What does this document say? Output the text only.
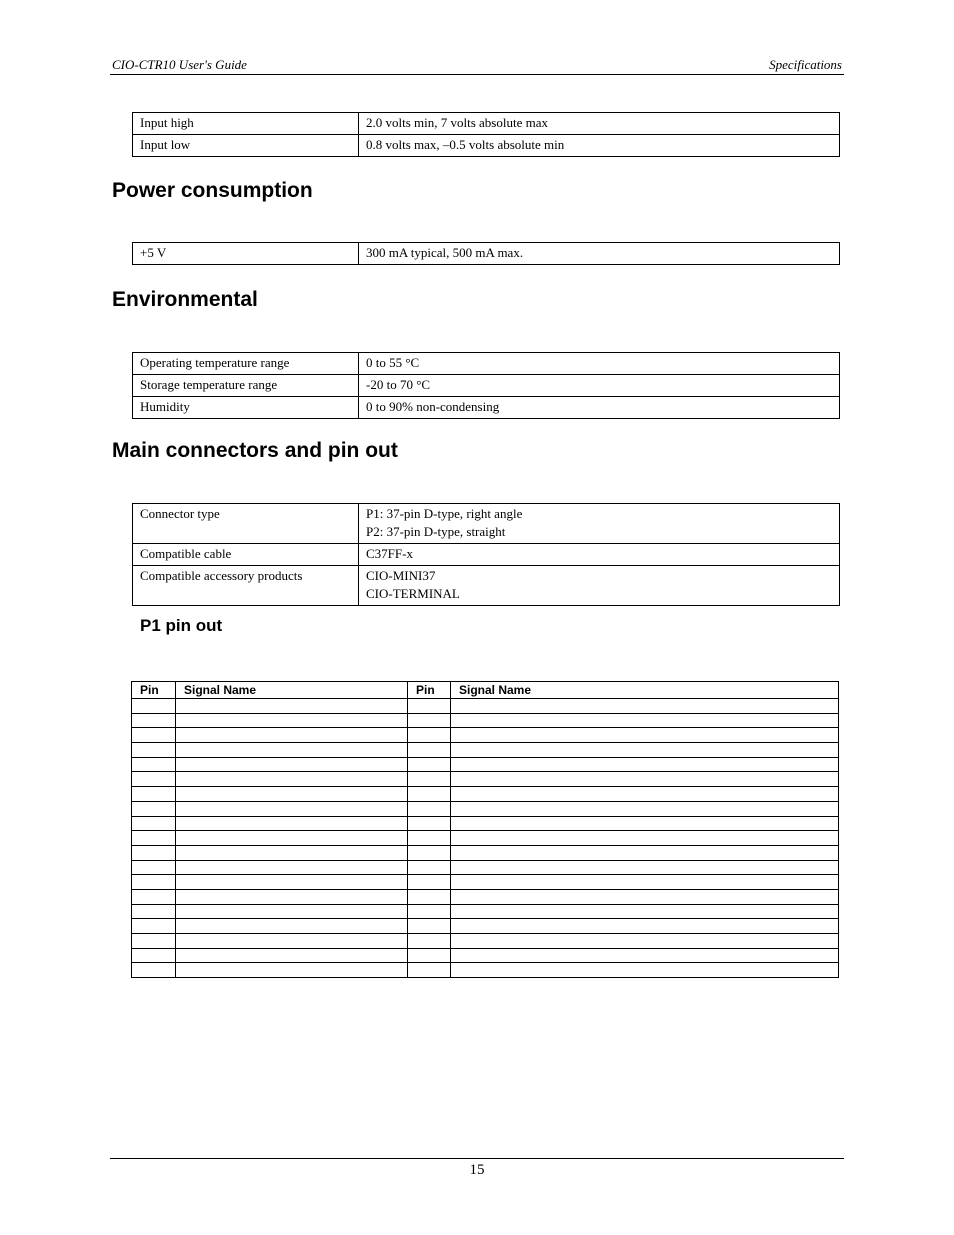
CIO-CTR10 User's Guide	Specifications
Input high	2.0 volts min, 7 volts absolute max
Input low	0.8 volts max, –0.5 volts absolute min
Power consumption
+5 V	300 mA typical, 500 mA max.
Environmental
Operating temperature range	0 to 55 °C
Storage temperature range	-20 to 70 °C
Humidity	0 to 90% non-condensing
Main connectors and pin out
Connector type	P1: 37-pin D-type, right angle
P2: 37-pin D-type, straight

Compatible cable	C37FF-x

Compatible accessory products	CIO-MINI37
CIO-TERMINAL
P1 pin out
Pin	Signal Name	Pin	Signal Name

15
